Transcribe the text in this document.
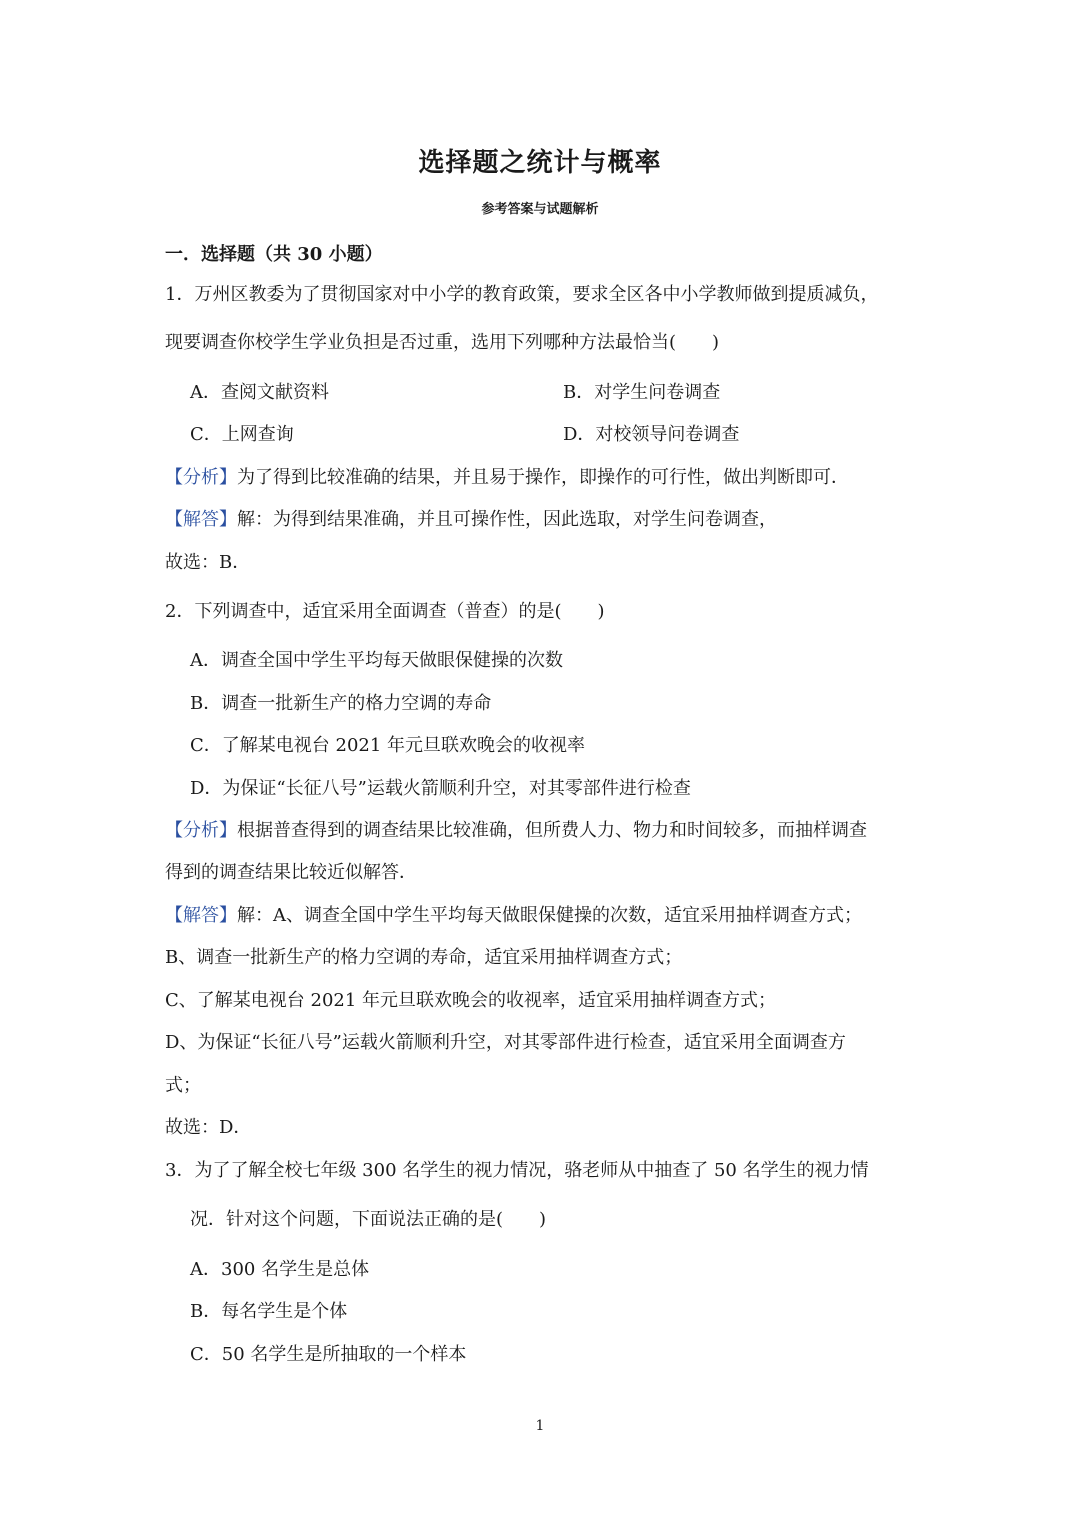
选择题之统计与概率
参考答案与试题解析
一．选择题（共 30 小题）
1．万州区教委为了贯彻国家对中小学的教育政策，要求全区各中小学教师做到提质减负，
现要调查你校学生学业负担是否过重，选用下列哪种方法最恰当(　　)
A．查阅文献资料	B．对学生问卷调查
C．上网查询	D．对校领导问卷调查
【分析】为了得到比较准确的结果，并且易于操作，即操作的可行性，做出判断即可．
【解答】解：为得到结果准确，并且可操作性，因此选取，对学生问卷调查，
故选：B．
2．下列调查中，适宜采用全面调查（普查）的是(　　)
A．调查全国中学生平均每天做眼保健操的次数
B．调查一批新生产的格力空调的寿命
C．了解某电视台 2021 年元旦联欢晚会的收视率
D．为保证“长征八号”运载火箭顺利升空，对其零部件进行检查
【分析】根据普查得到的调查结果比较准确，但所费人力、物力和时间较多，而抽样调查
得到的调查结果比较近似解答．
【解答】解：A、调查全国中学生平均每天做眼保健操的次数，适宜采用抽样调查方式；
B、调查一批新生产的格力空调的寿命，适宜采用抽样调查方式；
C、了解某电视台 2021 年元旦联欢晚会的收视率，适宜采用抽样调查方式；
D、为保证“长征八号”运载火箭顺利升空，对其零部件进行检查，适宜采用全面调查方
式；
故选：D．
3．为了了解全校七年级 300 名学生的视力情况，骆老师从中抽查了 50 名学生的视力情
况．针对这个问题，下面说法正确的是(　　)
A．300 名学生是总体
B．每名学生是个体
C．50 名学生是所抽取的一个样本
1
